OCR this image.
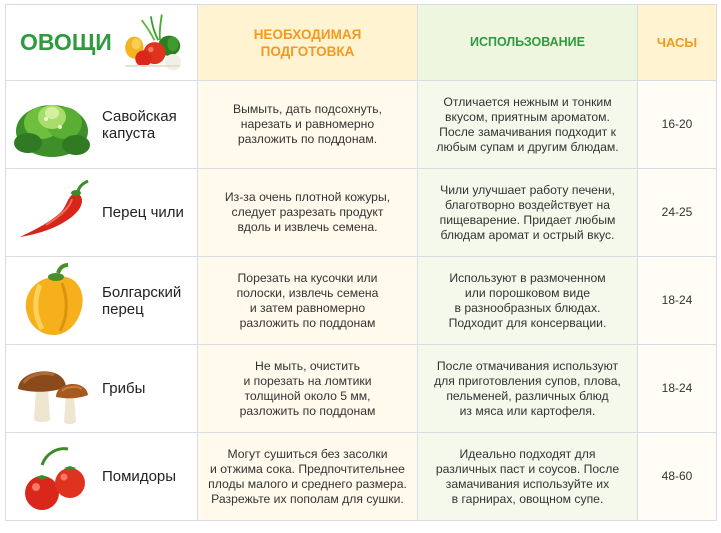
ОВОЩИ	НЕОБХОДИМАЯ
ПОДГОТОВКА
ИСПОЛЬЗОВАНИЕ	ЧАСЫ
Савойская
капуста
Вымыть, дать подсохнуть,
нарезать и равномерно
разложить по поддонам.
Отличается нежным и тонким
вкусом, приятным ароматом.
После замачивания подходит к
любым супам и другим блюдам.
16-20
Перец чили
Из-за очень плотной кожуры,
следует разрезать продукт
вдоль и извлечь семена.
Чили улучшает работу печени,
благотворно воздействует на
пищеварение. Придает любым
блюдам аромат и острый вкус.
24-25
Болгарский
перец
Порезать на кусочки или
полоски, извлечь семена
и затем равномерно
разложить по поддонам
Используют в размоченном
или порошковом виде
в разнообразных блюдах.
Подходит для консервации.
18-24
Грибы
Не мыть, очистить
и порезать на ломтики
толщиной около 5 мм,
разложить по поддонам
После отмачивания используют
для приготовления супов, плова,
пельменей, различных блюд
из мяса или картофеля.
18-24
Помидоры
Могут сушиться без засолки
и отжима сока. Предпочтительнее
плоды малого и среднего размера.
Разрежьте их пополам для сушки.
Идеально подходят для
различных паст и соусов. После
замачивания используйте их
в гарнирах, овощном супе.
48-60
